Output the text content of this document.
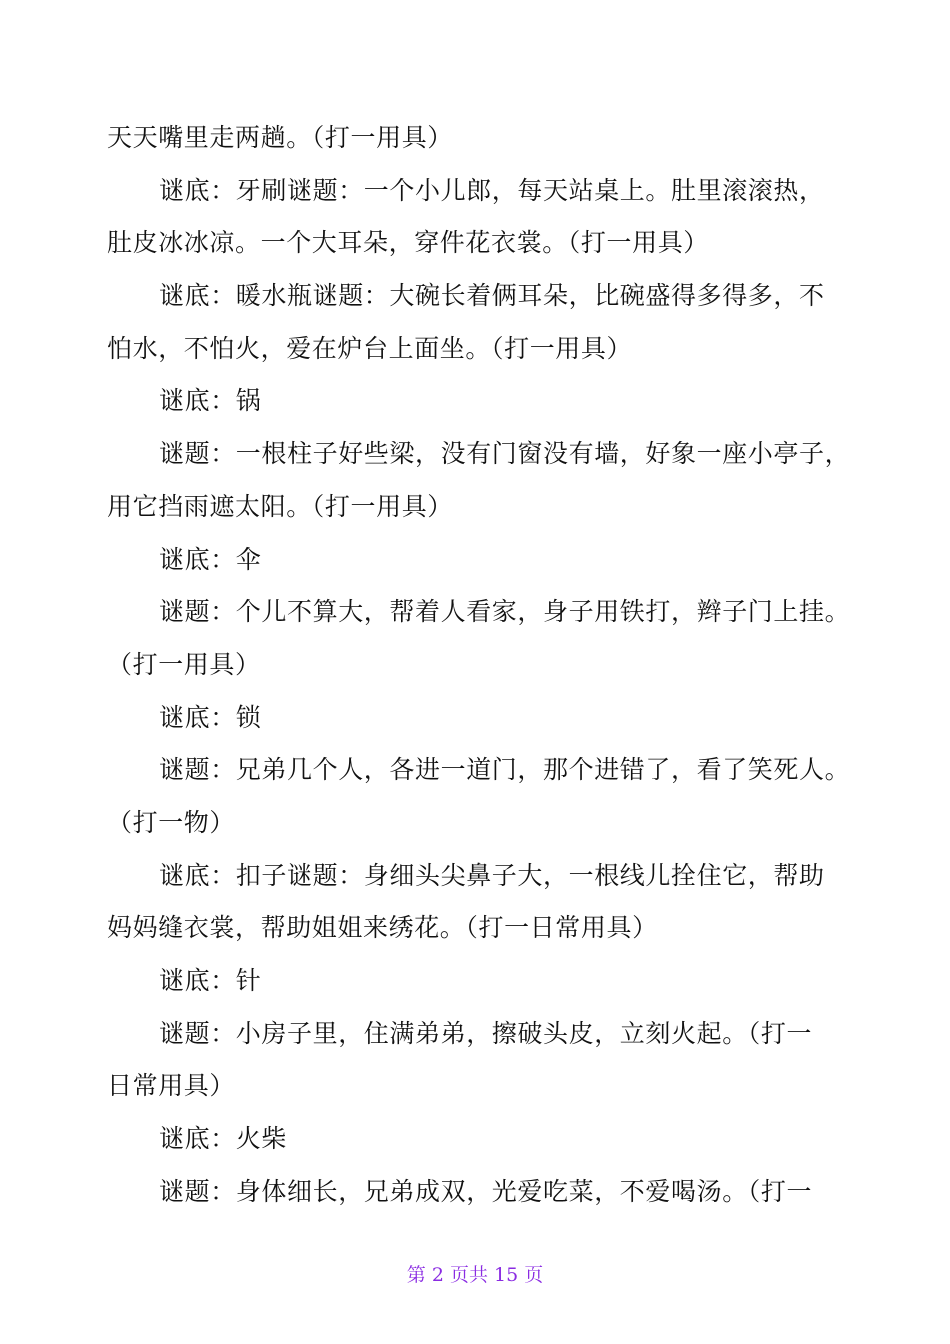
天天嘴里走两趟。（打一用具）
谜底：牙刷谜题：一个小儿郎，每天站桌上。肚里滚滚热，
肚皮冰冰凉。一个大耳朵，穿件花衣裳。（打一用具）
谜底：暖水瓶谜题：大碗长着俩耳朵，比碗盛得多得多，不
怕水，不怕火，爱在炉台上面坐。（打一用具）
谜底：锅
谜题：一根柱子好些梁，没有门窗没有墙，好象一座小亭子，
用它挡雨遮太阳。（打一用具）
谜底：伞
谜题：个儿不算大，帮着人看家，身子用铁打，辫子门上挂。
（打一用具）
谜底：锁
谜题：兄弟几个人，各进一道门，那个进错了，看了笑死人。
（打一物）
谜底：扣子谜题：身细头尖鼻子大，一根线儿拴住它，帮助
妈妈缝衣裳，帮助姐姐来绣花。（打一日常用具）
谜底：针
谜题：小房子里，住满弟弟，擦破头皮，立刻火起。（打一
日常用具）
谜底：火柴
谜题：身体细长，兄弟成双，光爱吃菜，不爱喝汤。（打一
第 2 页共 15 页
